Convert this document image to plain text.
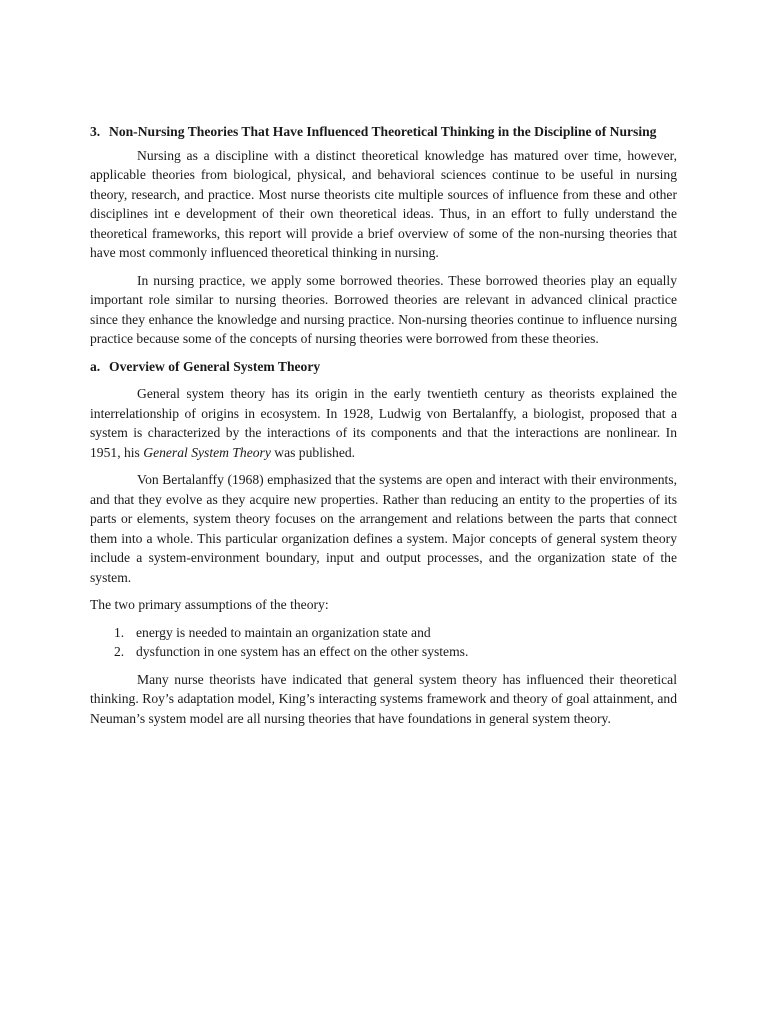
3. Non-Nursing Theories That Have Influenced Theoretical Thinking in the Discipline of Nursing

Nursing as a discipline with a distinct theoretical knowledge has matured over time, however, applicable theories from biological, physical, and behavioral sciences continue to be useful in nursing theory, research, and practice. Most nurse theorists cite multiple sources of influence from these and other disciplines int e development of their own theoretical ideas. Thus, in an effort to fully understand the theoretical frameworks, this report will provide a brief overview of some of the non-nursing theories that have most commonly influenced theoretical thinking in nursing.

In nursing practice, we apply some borrowed theories. These borrowed theories play an equally important role similar to nursing theories. Borrowed theories are relevant in advanced clinical practice since they enhance the knowledge and nursing practice. Non-nursing theories continue to influence nursing practice because some of the concepts of nursing theories were borrowed from these theories.

a. Overview of General System Theory

General system theory has its origin in the early twentieth century as theorists explained the interrelationship of origins in ecosystem. In 1928, Ludwig von Bertalanffy, a biologist, proposed that a system is characterized by the interactions of its components and that the interactions are nonlinear. In 1951, his General System Theory was published.

Von Bertalanffy (1968) emphasized that the systems are open and interact with their environments, and that they evolve as they acquire new properties. Rather than reducing an entity to the properties of its parts or elements, system theory focuses on the arrangement and relations between the parts that connect them into a whole. This particular organization defines a system. Major concepts of general system theory include a system-environment boundary, input and output processes, and the organization state of the system.

The two primary assumptions of the theory:

1. energy is needed to maintain an organization state and
2. dysfunction in one system has an effect on the other systems.

Many nurse theorists have indicated that general system theory has influenced their theoretical thinking. Roy’s adaptation model, King’s interacting systems framework and theory of goal attainment, and Neuman’s system model are all nursing theories that have foundations in general system theory.
